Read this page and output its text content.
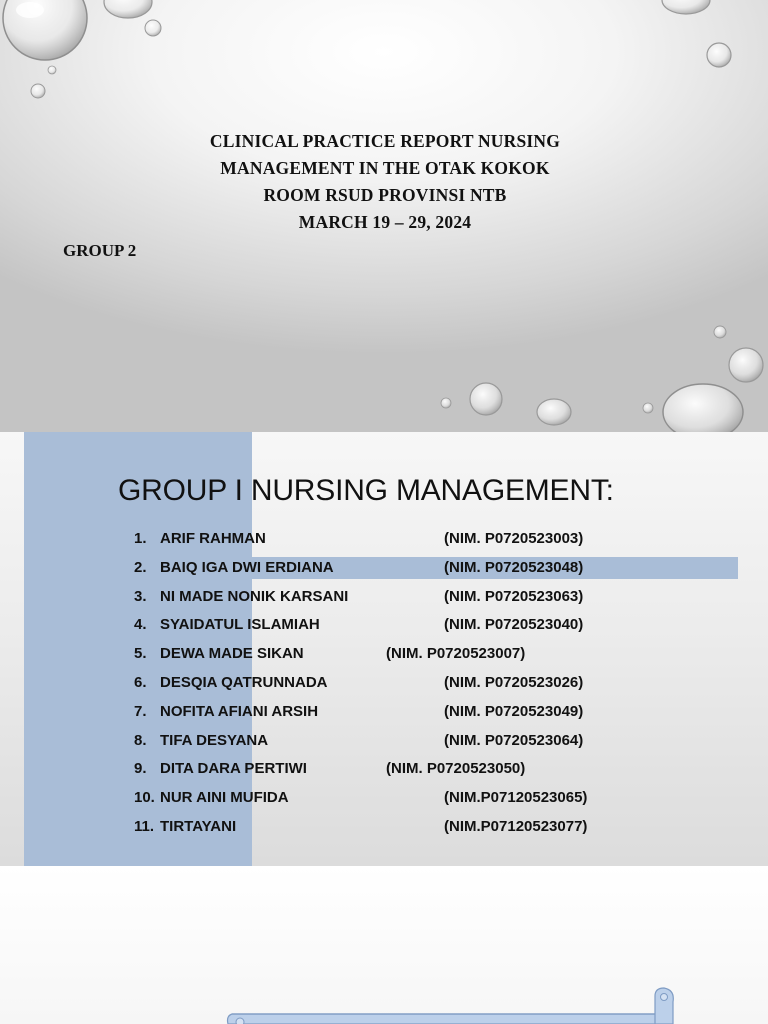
CLINICAL PRACTICE REPORT NURSING
MANAGEMENT IN THE OTAK KOKOK
ROOM RSUD PROVINSI NTB
MARCH 19 – 29, 2024
GROUP 2
GROUP I NURSING MANAGEMENT:
1. ARIF RAHMAN	(NIM. P0720523003)
2. BAIQ IGA DWI ERDIANA	(NIM. P0720523048)
3. NI MADE NONIK KARSANI	(NIM. P0720523063)
4. SYAIDATUL ISLAMIAH	(NIM. P0720523040)
5. DEWA MADE SIKAN	(NIM. P0720523007)
6. DESQIA QATRUNNADA	(NIM. P0720523026)
7. NOFITA AFIANI ARSIH	(NIM. P0720523049)
8. TIFA DESYANA	(NIM. P0720523064)
9. DITA DARA PERTIWI	(NIM. P0720523050)
10. NUR AINI MUFIDA	(NIM.P07120523065)
11. TIRTAYANI	(NIM.P07120523077)
